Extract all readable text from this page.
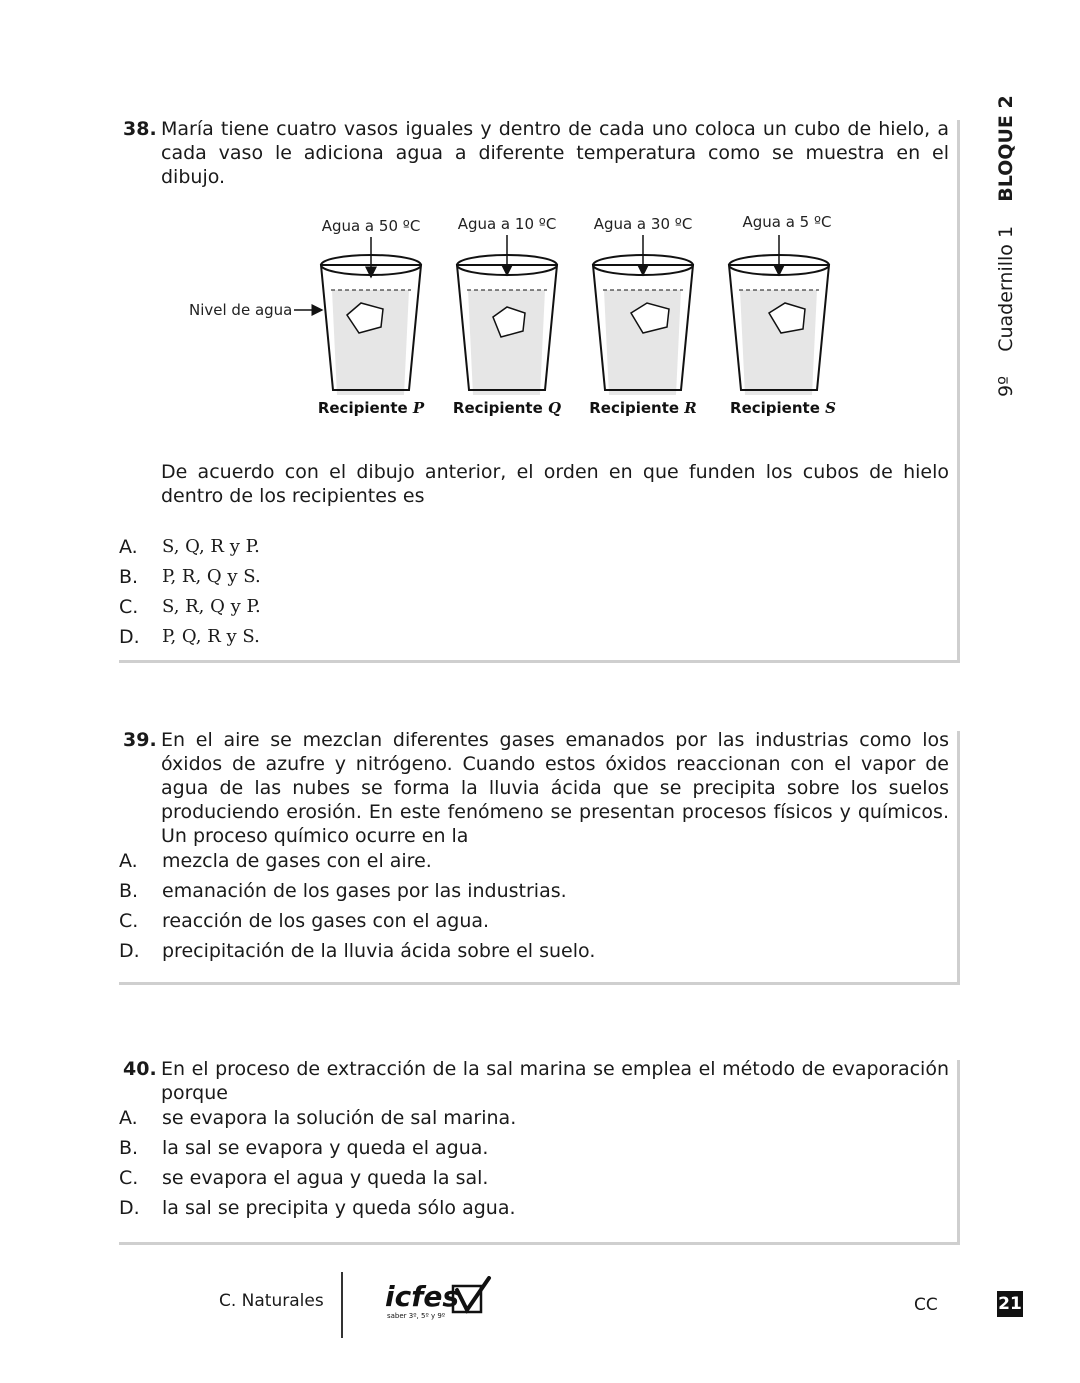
9º    Cuadernillo 1    BLOQUE 2
38. María tiene cuatro vasos iguales y dentro de cada uno coloca un cubo de hielo, a cada vaso le adiciona agua a diferente temperatura como se muestra en el dibujo.
Nivel de agua
Agua a 50 ºC
Recipiente P
Agua a 10 ºC
Recipiente Q
Agua a 30 ºC
Recipiente R
Agua a 5 ºC
Recipiente S
De acuerdo con el dibujo anterior, el orden en que funden los cubos de hielo dentro de los recipientes es
A.	S, Q, R y P.
B.	P, R, Q y S.
C.	S, R, Q y P.
D.	P, Q, R y S.
39. En el aire se mezclan diferentes gases emanados por las industrias como los óxidos de azufre y nitrógeno. Cuando estos óxidos reaccionan con el vapor de agua de las nubes se forma la lluvia ácida que se precipita sobre los suelos produciendo erosión. En este fenómeno se presentan procesos físicos y químicos. Un proceso químico ocurre en la
A.	mezcla de gases con el aire.
B.	emanación de los gases por las industrias.
C.	reacción de los gases con el agua.
D.	precipitación de la lluvia ácida sobre el suelo.
40. En el proceso de extracción de la sal marina se emplea el método de evaporación porque
A.	se evapora la solución de sal marina.
B.	la sal se evapora y queda el agua.
C.	se evapora el agua y queda la sal.
D.	la sal se precipita y queda sólo agua.
C. Naturales icfes
saber 3º, 5º y 9º
CC	21
